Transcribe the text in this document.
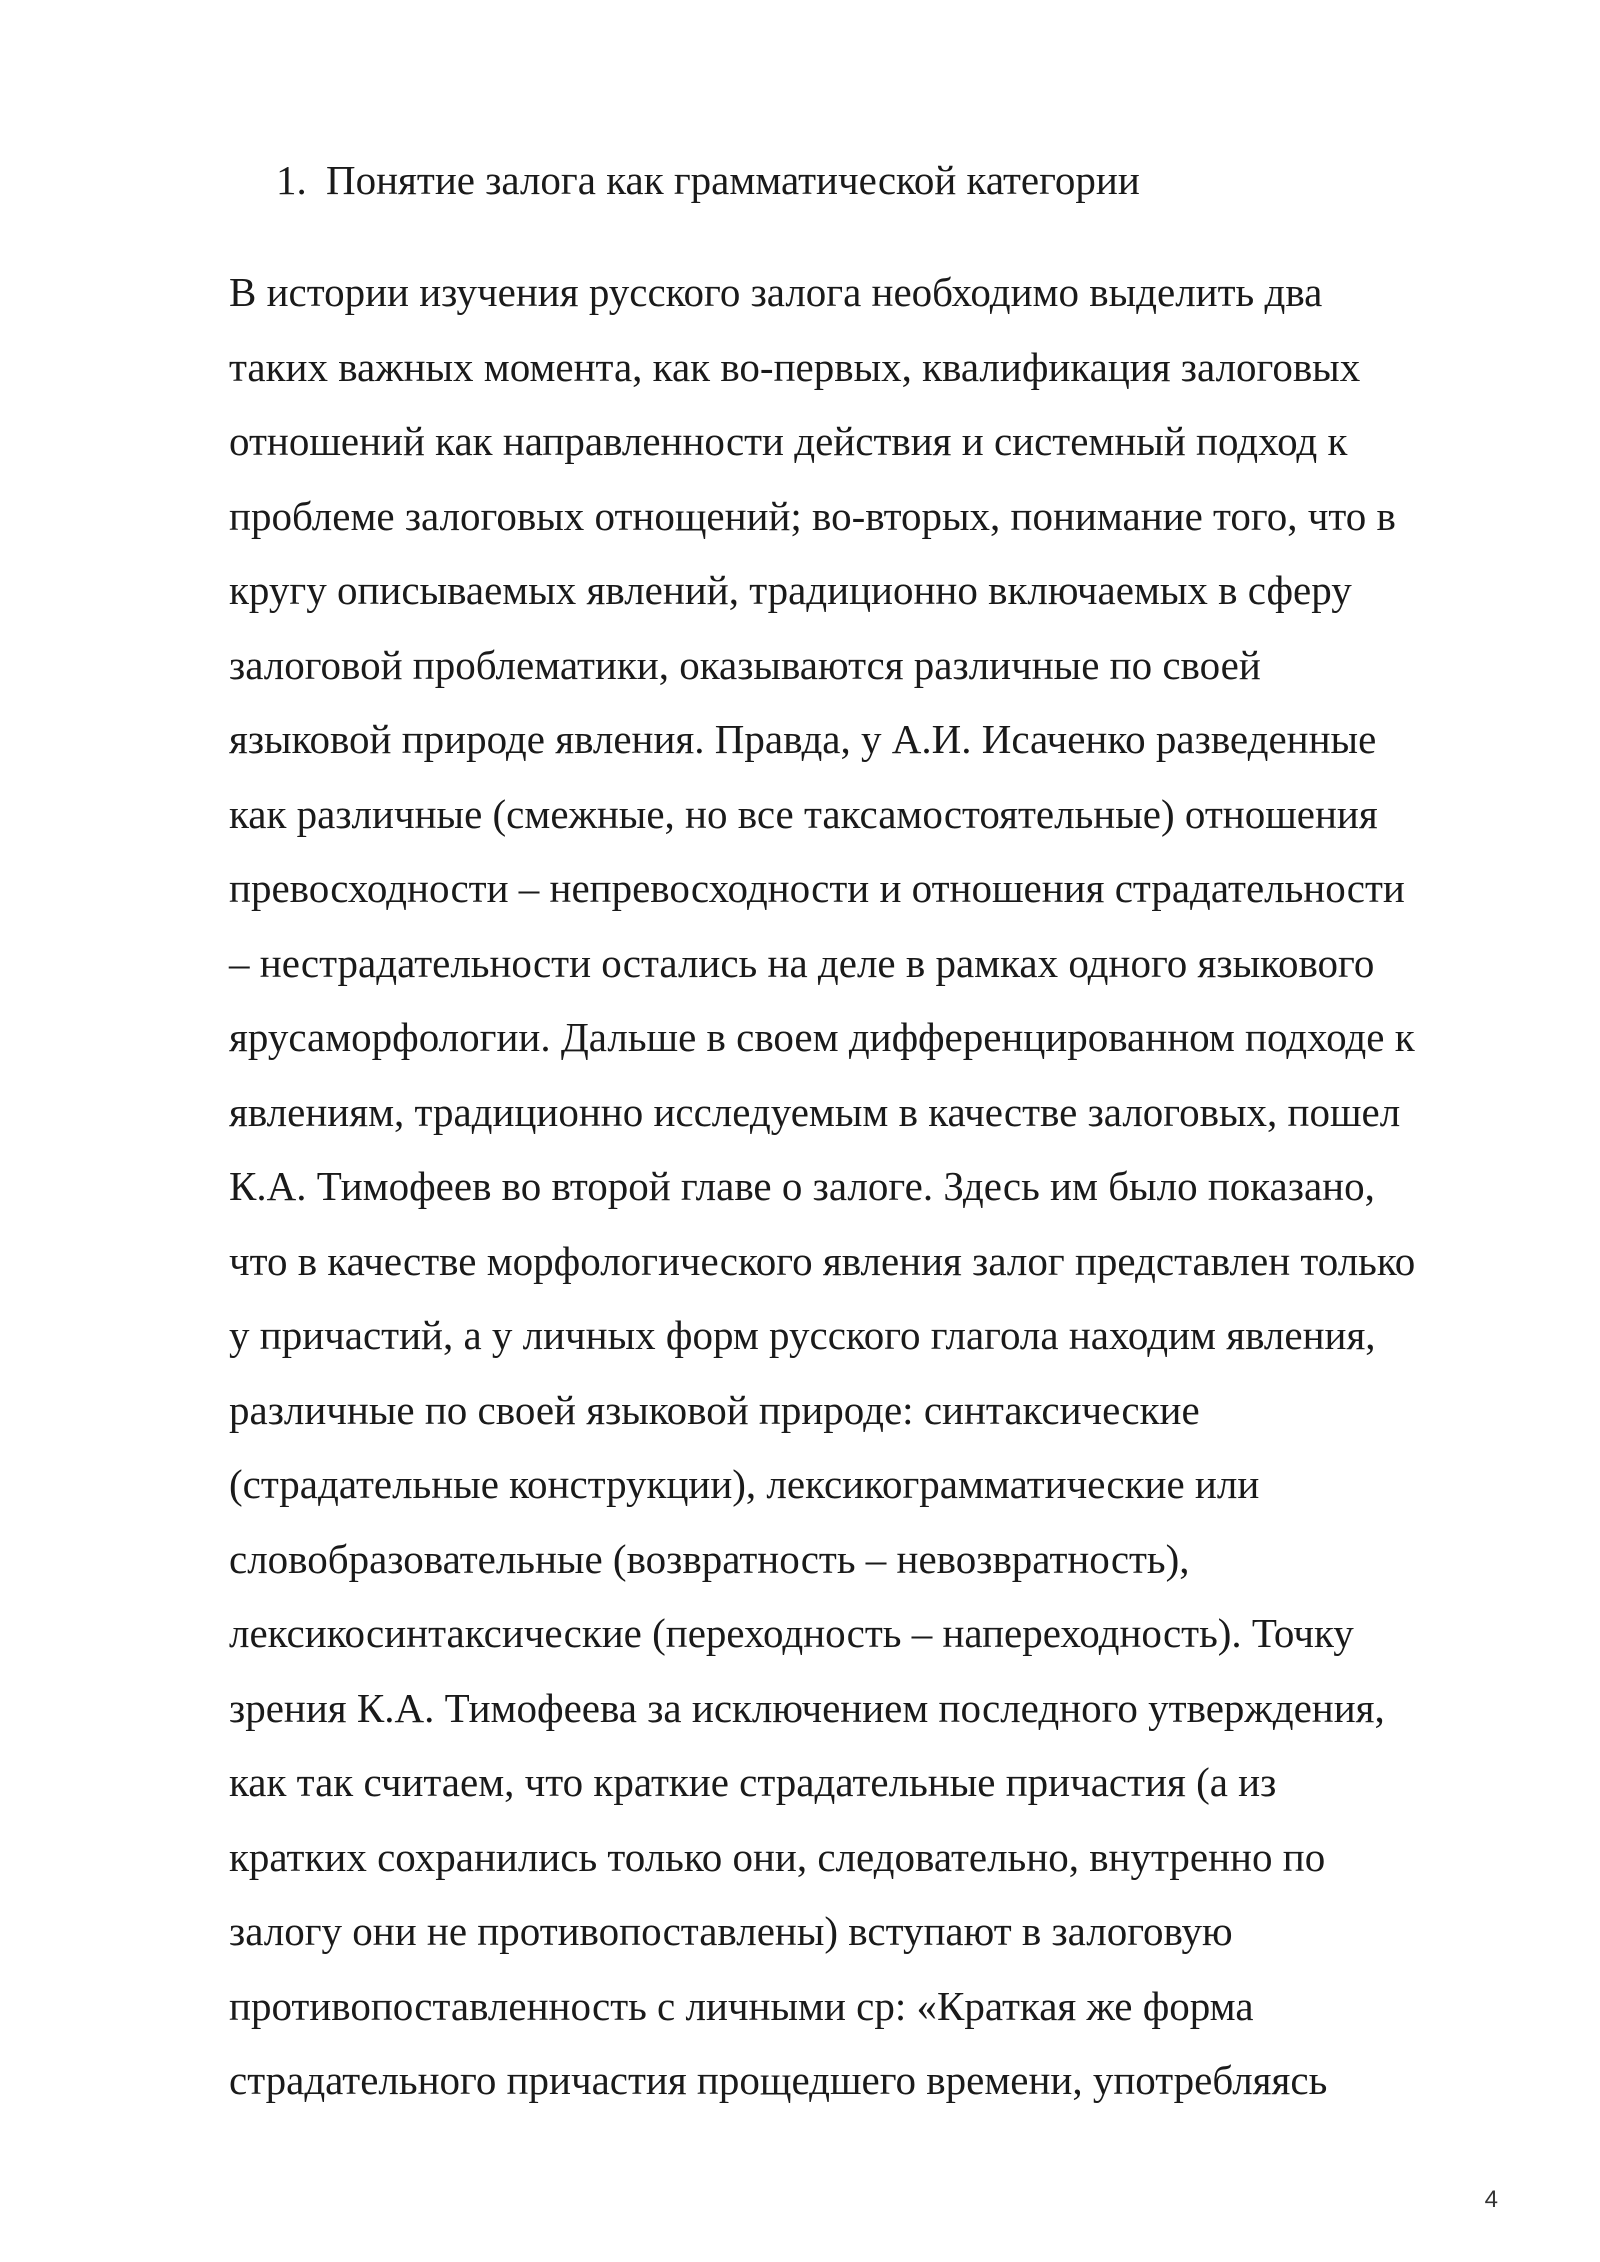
1. Понятие залога как грамматической категории
В истории изучения русского залога необходимо выделить два
таких важных момента, как во-первых, квалификация залоговых
отношений как направленности действия и системный подход к
проблеме залоговых отнощений; во-вторых, понимание того, что в
кругу описываемых явлений, традиционно включаемых в сферу
залоговой проблематики, оказываются различные по своей
языковой природе явления. Правда, у А.И. Исаченко разведенные
как различные (смежные, но все таксамостоятельные) отношения
превосходности – непревосходности и отношения страдательности
– нестрадательности остались на деле в рамках одного языкового
ярусаморфологии. Дальше в своем дифференцированном подходе к
явлениям, традиционно исследуемым в качестве залоговых, пошел
К.А. Тимофеев во второй главе о залоге. Здесь им было показано,
что в качестве морфологического явления залог представлен только
у причастий, а у личных форм русского глагола находим явления,
различные по своей языковой природе: синтаксические
(страдательные конструкции), лексикограмматические или
словобразовательные (возвратность – невозвратность),
лексикосинтаксические (переходность – напереходность). Точку
зрения К.А. Тимофеева за исключением последного утверждения,
как так считаем, что краткие страдательные причастия (а из
кратких сохранились только они, следовательно, внутренно по
залогу они не противопоставлены) вступают в залоговую
противопоставленность с личными ср: «Краткая же форма
страдательного причастия прощедшего времени, употребляясь
4
